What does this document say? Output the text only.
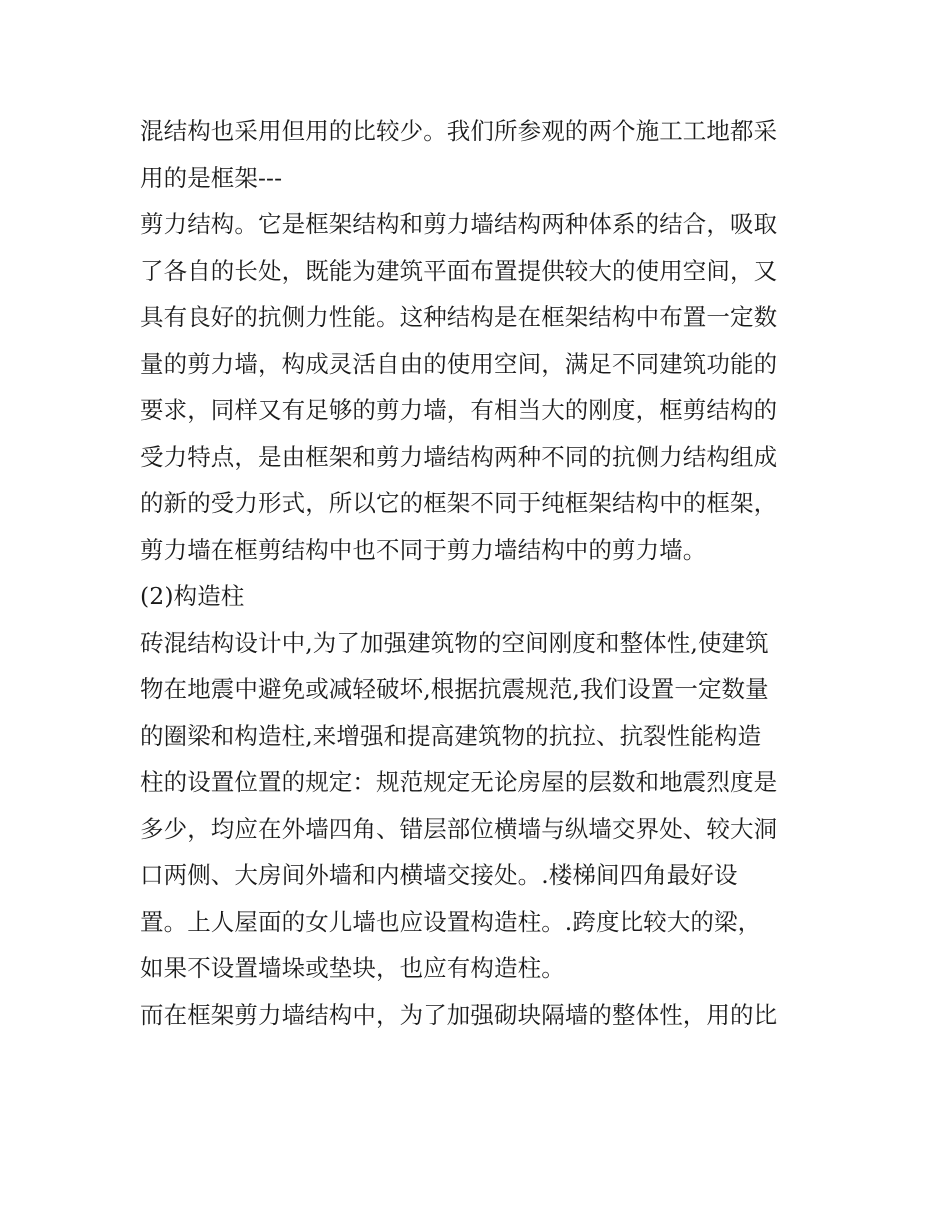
混结构也采用但用的比较少。我们所参观的两个施工工地都采
用的是框架---
剪力结构。它是框架结构和剪力墙结构两种体系的结合，吸取
了各自的长处，既能为建筑平面布置提供较大的使用空间，又
具有良好的抗侧力性能。这种结构是在框架结构中布置一定数
量的剪力墙，构成灵活自由的使用空间，满足不同建筑功能的
要求，同样又有足够的剪力墙，有相当大的刚度，框剪结构的
受力特点，是由框架和剪力墙结构两种不同的抗侧力结构组成
的新的受力形式，所以它的框架不同于纯框架结构中的框架，
剪力墙在框剪结构中也不同于剪力墙结构中的剪力墙。
(2)构造柱
砖混结构设计中,为了加强建筑物的空间刚度和整体性,使建筑
物在地震中避免或减轻破坏,根据抗震规范,我们设置一定数量
的圈梁和构造柱,来增强和提高建筑物的抗拉、抗裂性能构造
柱的设置位置的规定：规范规定无论房屋的层数和地震烈度是
多少，均应在外墙四角、错层部位横墙与纵墙交界处、较大洞
口两侧、大房间外墙和内横墙交接处。.楼梯间四角最好设
置。上人屋面的女儿墙也应设置构造柱。.跨度比较大的梁，
如果不设置墙垛或垫块，也应有构造柱。
而在框架剪力墙结构中，为了加强砌块隔墙的整体性，用的比
